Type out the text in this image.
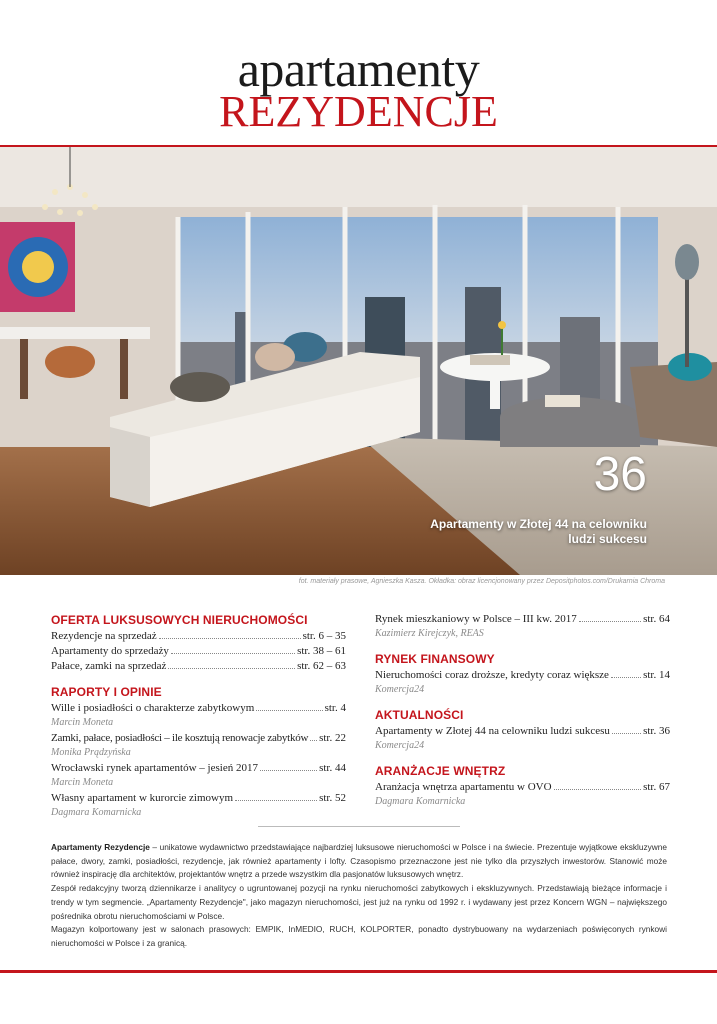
apartamenty
REZYDENCJE
36
Apartamenty w Złotej 44 na celowniku ludzi sukcesu
fot. materiały prasowe, Agnieszka Kasza. Okładka: obraz licencjonowany przez Depositphotos.com/Drukarnia Chroma
OFERTA LUKSUSOWYCH NIERUCHOMOŚCI
Rezydencje na sprzedaż	str. 6 – 35
Apartamenty do sprzedaży	str. 38 – 61
Pałace, zamki na sprzedaż	str. 62 – 63
RAPORTY I OPINIE
Wille i posiadłości o charakterze zabytkowym	str. 4
Marcin Moneta
Zamki, pałace, posiadłości – ile kosztują renowacje zabytków str. 22
Monika Prądzyńska
Wrocławski rynek apartamentów – jesień 2017	str. 44
Marcin Moneta
Własny apartament w kurorcie zimowym	str. 52
Dagmara Komarnicka
Rynek mieszkaniowy w Polsce – III kw. 2017	str. 64
Kazimierz Kirejczyk, REAS
RYNEK FINANSOWY
Nieruchomości coraz droższe, kredyty coraz większe	str. 14
Komercja24
AKTUALNOŚCI
Apartamenty w Złotej 44 na celowniku ludzi sukcesu	str. 36
Komercja24
ARANŻACJE WNĘTRZ
Aranżacja wnętrza apartamentu w OVO	str. 67
Dagmara Komarnicka

Apartamenty Rezydencje – unikatowe wydawnictwo przedstawiające najbardziej luksusowe nieruchomości w Polsce i na świecie. Prezentuje wyjątkowe ekskluzywne pałace, dwory, zamki, posiadłości, rezydencje, jak również apartamenty i lofty. Czasopismo przeznaczone jest nie tylko dla przyszłych inwestorów. Stanowić może również inspirację dla architektów, projektantów wnętrz a przede wszystkim dla pasjonatów luksusowych wnętrz.

Zespół redakcyjny tworzą dziennikarze i analitycy o ugruntowanej pozycji na rynku nieruchomości zabytkowych i ekskluzywnych. Przedstawiają bieżące informacje i trendy w tym segmencie. „Apartamenty Rezydencje", jako magazyn nieruchomości, jest już na rynku od 1992 r. i wydawany jest przez Koncern WGN – największego pośrednika obrotu nieruchomościami w Polsce.

Magazyn kolportowany jest w salonach prasowych: EMPIK, InMEDIO, RUCH, KOLPORTER, ponadto dystrybuowany na wydarzeniach poświęconych rynkowi nieruchomości w Polsce i za granicą.
